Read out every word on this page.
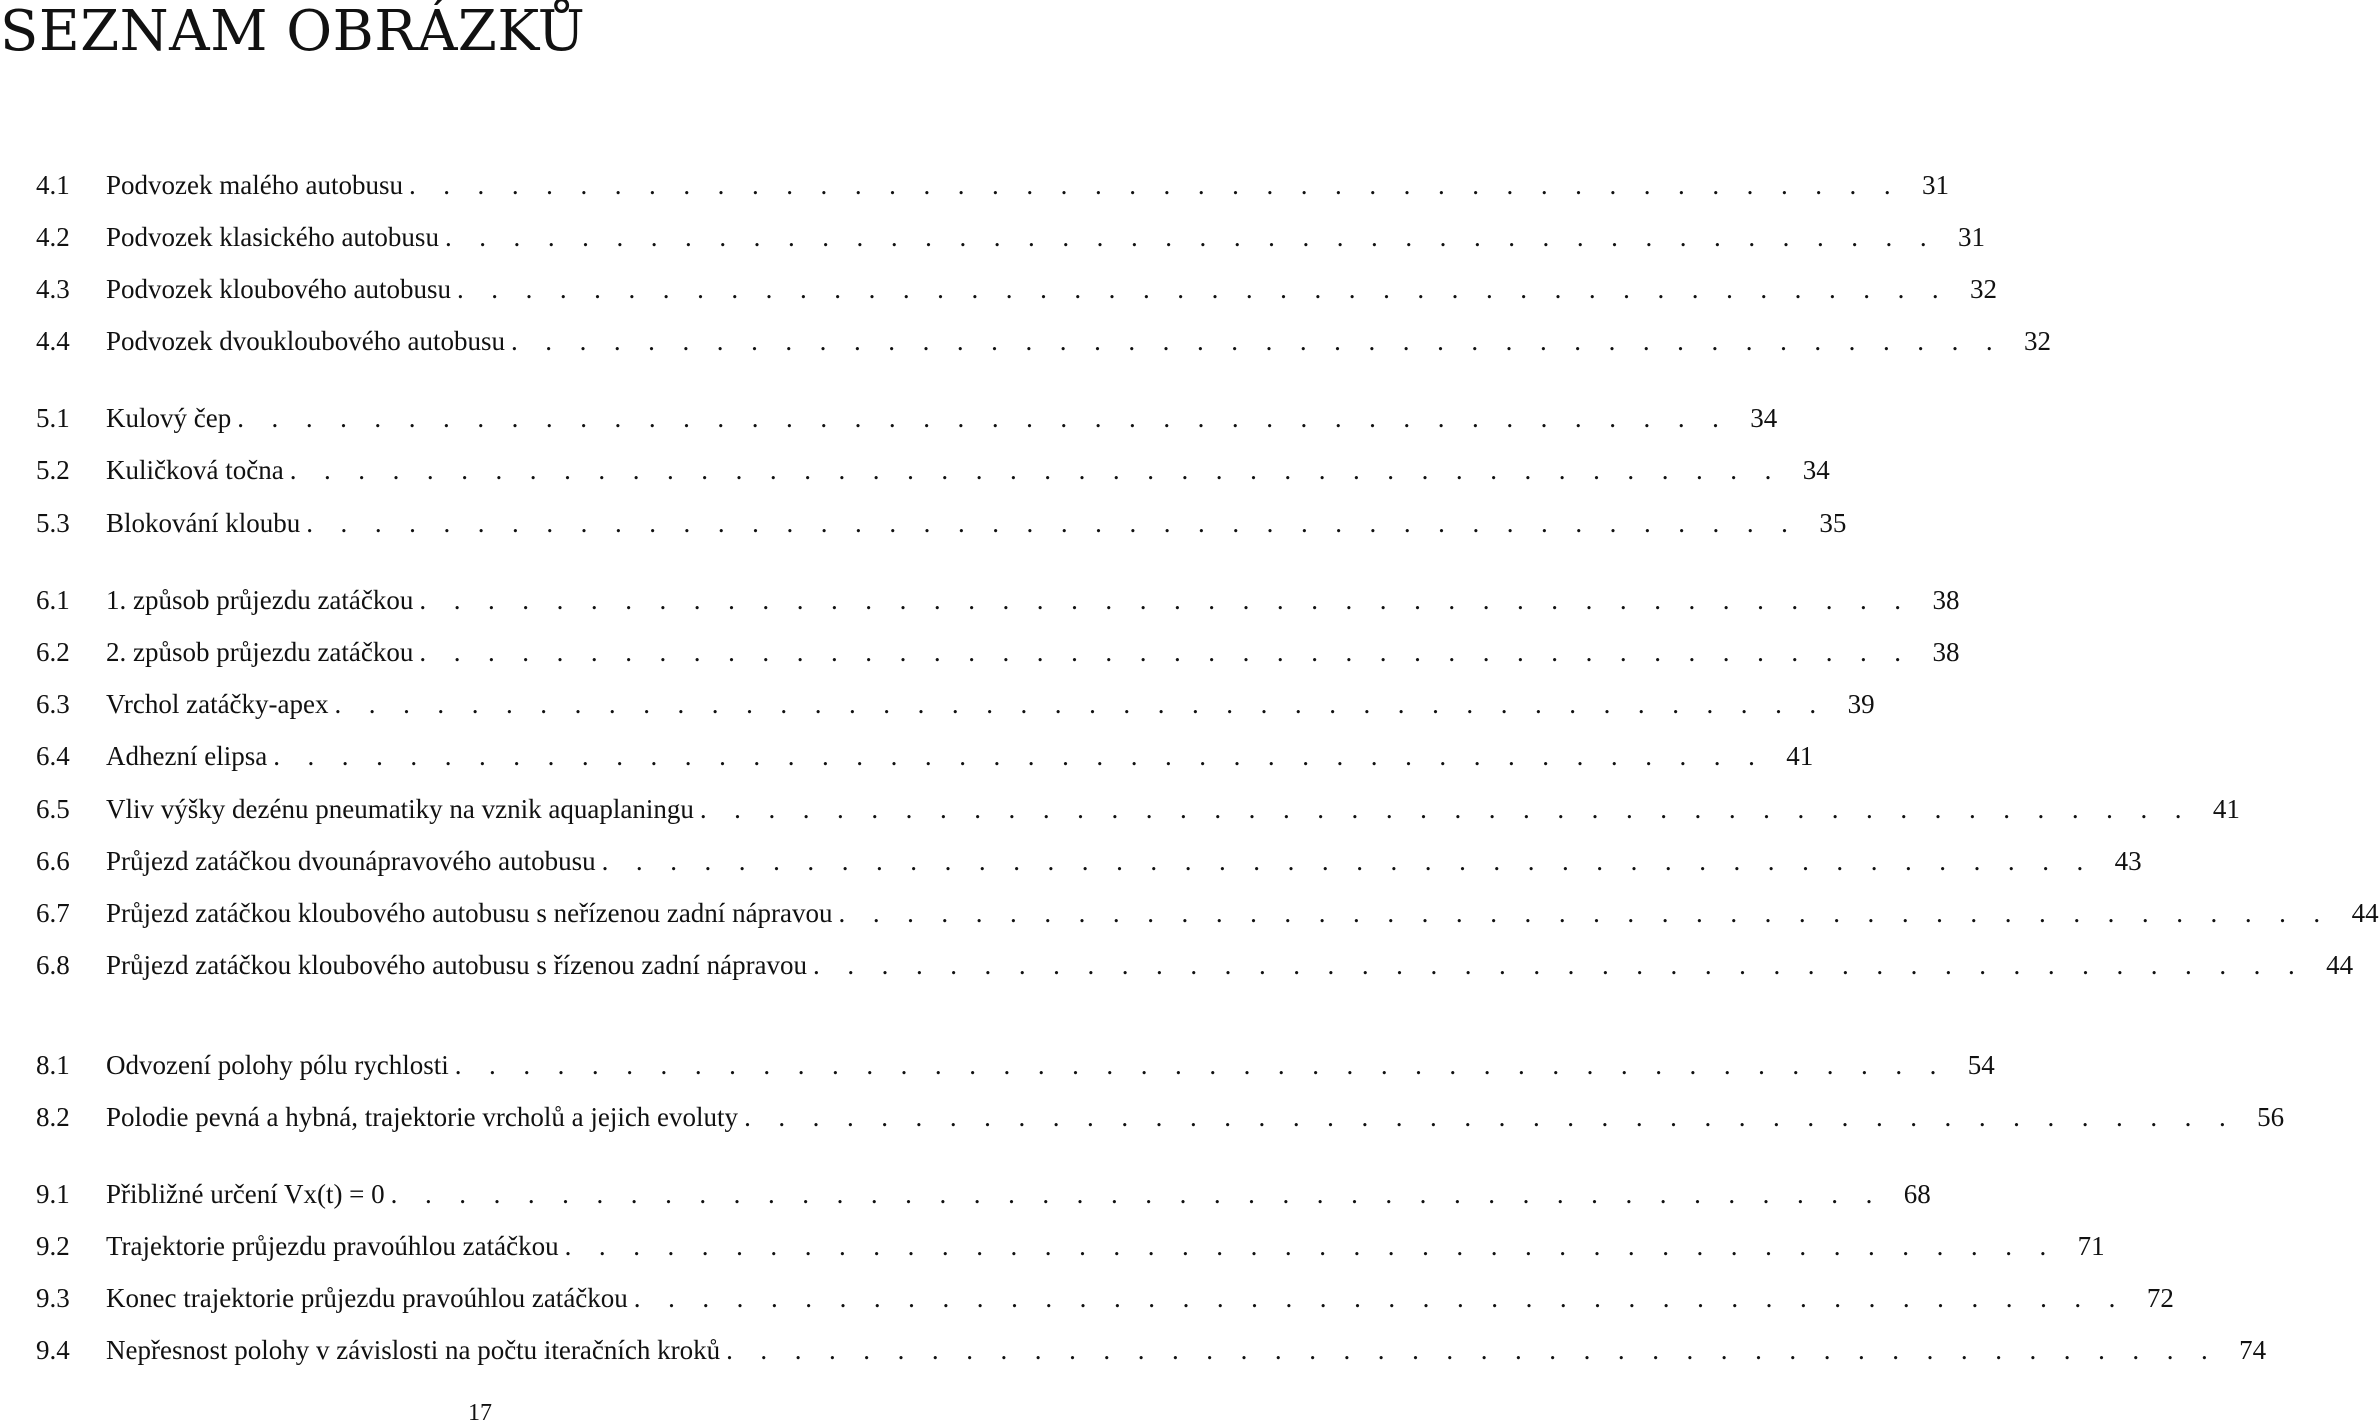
SEZNAM OBRÁZKŮ
4.1	Podvozek malého autobusu . . . . . . . . . . . . . . . . . . . . . . . . . . . . . . . . . . . . . . . . . . . . 31
4.2	Podvozek klasického autobusu . . . . . . . . . . . . . . . . . . . . . . . . . . . . . . . . . . . . . . . . . . . . 31
4.3	Podvozek kloubového autobusu . . . . . . . . . . . . . . . . . . . . . . . . . . . . . . . . . . . . . . . . . . . . 32
4.4	Podvozek dvoukloubového autobusu . . . . . . . . . . . . . . . . . . . . . . . . . . . . . . . . . . . . . . . . . . . . 32
5.1	Kulový čep . . . . . . . . . . . . . . . . . . . . . . . . . . . . . . . . . . . . . . . . . . . . 34
5.2	Kuličková točna . . . . . . . . . . . . . . . . . . . . . . . . . . . . . . . . . . . . . . . . . . . . 34
5.3	Blokování kloubu . . . . . . . . . . . . . . . . . . . . . . . . . . . . . . . . . . . . . . . . . . . . 35
6.1	1. způsob průjezdu zatáčkou . . . . . . . . . . . . . . . . . . . . . . . . . . . . . . . . . . . . . . . . . . . . 38
6.2	2. způsob průjezdu zatáčkou . . . . . . . . . . . . . . . . . . . . . . . . . . . . . . . . . . . . . . . . . . . . 38
6.3	Vrchol zatáčky-apex . . . . . . . . . . . . . . . . . . . . . . . . . . . . . . . . . . . . . . . . . . . . 39
6.4	Adhezní elipsa . . . . . . . . . . . . . . . . . . . . . . . . . . . . . . . . . . . . . . . . . . . . 41
6.5	Vliv výšky dezénu pneumatiky na vznik aquaplaningu . . . . . . . . . . . . . . . . . . . . . . . . . . . . . . . . . . . . . . . . . . . . 41
6.6	Průjezd zatáčkou dvounápravového autobusu . . . . . . . . . . . . . . . . . . . . . . . . . . . . . . . . . . . . . . . . . . . . 43
6.7	Průjezd zatáčkou kloubového autobusu s neřízenou zadní nápravou . . . . . . . . . . . . . . . . . . . . . . . . . . . . . . . . . . . . . . . . . . . . 44
6.8	Průjezd zatáčkou kloubového autobusu s řízenou zadní nápravou . . . . . . . . . . . . . . . . . . . . . . . . . . . . . . . . . . . . . . . . . . . . 44
8.1	Odvození polohy pólu rychlosti . . . . . . . . . . . . . . . . . . . . . . . . . . . . . . . . . . . . . . . . . . . . 54
8.2	Polodie pevná a hybná, trajektorie vrcholů a jejich evoluty . . . . . . . . . . . . . . . . . . . . . . . . . . . . . . . . . . . . . . . . . . . . 56
9.1	Přibližné určení Vx(t) = 0 . . . . . . . . . . . . . . . . . . . . . . . . . . . . . . . . . . . . . . . . . . . . 68
9.2	Trajektorie průjezdu pravoúhlou zatáčkou . . . . . . . . . . . . . . . . . . . . . . . . . . . . . . . . . . . . . . . . . . . . 71
9.3	Konec trajektorie průjezdu pravoúhlou zatáčkou . . . . . . . . . . . . . . . . . . . . . . . . . . . . . . . . . . . . . . . . . . . . 72
9.4	Nepřesnost polohy v závislosti na počtu iteračních kroků . . . . . . . . . . . . . . . . . . . . . . . . . . . . . . . . . . . . . . . . . . . . 74
17
